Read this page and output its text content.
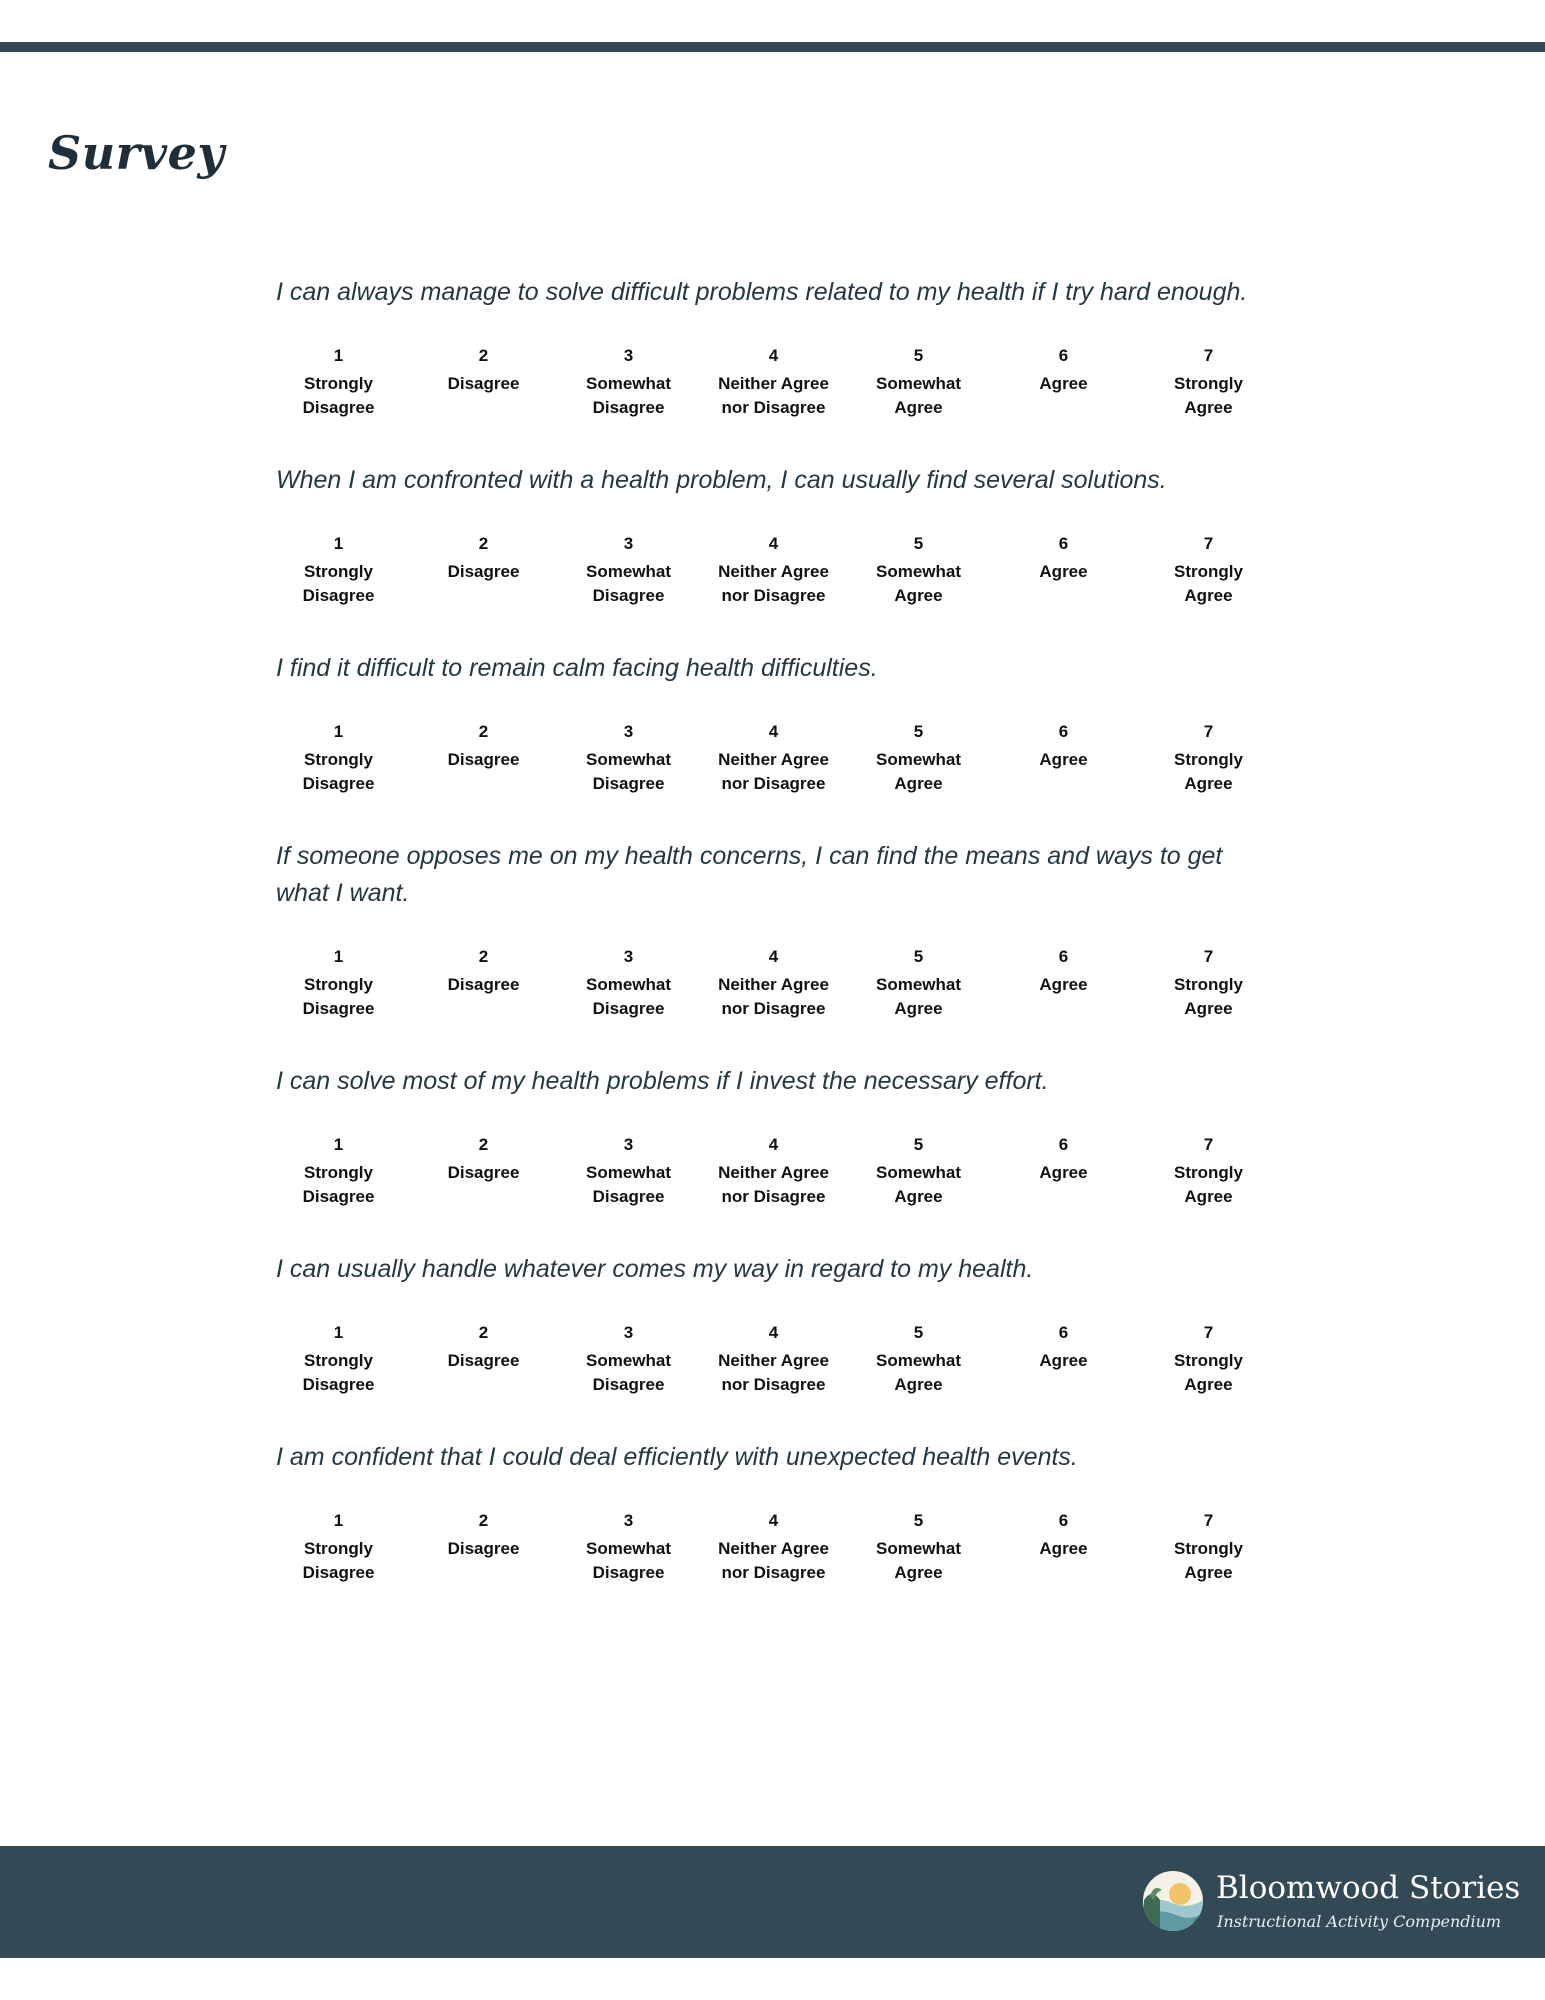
Survey

I can always manage to solve difficult problems related to my health if I try hard enough.

1
Strongly
Disagree
2
Disagree
3
Somewhat
Disagree
4
Neither Agree
nor Disagree
5
Somewhat
Agree
6
Agree
7
Strongly
Agree

When I am confronted with a health problem, I can usually find several solutions.

1
Strongly
Disagree
2
Disagree
3
Somewhat
Disagree
4
Neither Agree
nor Disagree
5
Somewhat
Agree
6
Agree
7
Strongly
Agree

I find it difficult to remain calm facing health difficulties.

1
Strongly
Disagree
2
Disagree
3
Somewhat
Disagree
4
Neither Agree
nor Disagree
5
Somewhat
Agree
6
Agree
7
Strongly
Agree

If someone opposes me on my health concerns, I can find the means and ways to get what I want.

1
Strongly
Disagree
2
Disagree
3
Somewhat
Disagree
4
Neither Agree
nor Disagree
5
Somewhat
Agree
6
Agree
7
Strongly
Agree

I can solve most of my health problems if I invest the necessary effort.

1
Strongly
Disagree
2
Disagree
3
Somewhat
Disagree
4
Neither Agree
nor Disagree
5
Somewhat
Agree
6
Agree
7
Strongly
Agree

I can usually handle whatever comes my way in regard to my health.

1
Strongly
Disagree
2
Disagree
3
Somewhat
Disagree
4
Neither Agree
nor Disagree
5
Somewhat
Agree
6
Agree
7
Strongly
Agree

I am confident that I could deal efficiently with unexpected health events.

1
Strongly
Disagree
2
Disagree
3
Somewhat
Disagree
4
Neither Agree
nor Disagree
5
Somewhat
Agree
6
Agree
7
Strongly
Agree
Bloomwood Stories
Instructional Activity Compendium
